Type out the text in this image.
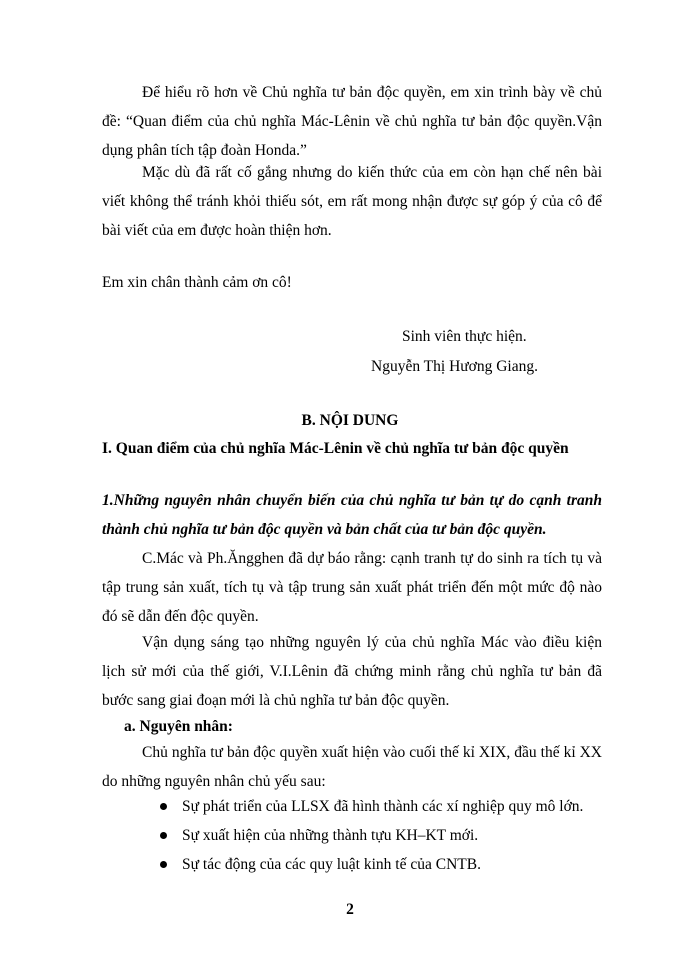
Để hiểu rõ hơn về Chủ nghĩa tư bản độc quyền, em xin trình bày về chủ đề: “Quan điểm của chủ nghĩa Mác-Lênin về chủ nghĩa tư bản độc quyền.Vận dụng phân tích tập đoàn Honda.”

Mặc dù đã rất cố gắng nhưng do kiến thức của em còn hạn chế nên bài viết không thể tránh khỏi thiếu sót, em rất mong nhận được sự góp ý của cô để bài viết của em được hoàn thiện hơn.

Em xin chân thành cảm ơn cô!

Sinh viên thực hiện.

Nguyễn Thị Hương Giang.

B. NỘI DUNG

I. Quan điểm của chủ nghĩa Mác-Lênin về chủ nghĩa tư bản độc quyền

1.Những nguyên nhân chuyển biến của chủ nghĩa tư bản tự do cạnh tranh thành chủ nghĩa tư bản độc quyền và bản chất của tư bản độc quyền.

C.Mác và Ph.Ăngghen đã dự báo rằng: cạnh tranh tự do sinh ra tích tụ và tập trung sản xuất, tích tụ và tập trung sản xuất phát triển đến một mức độ nào đó sẽ dẫn đến độc quyền.

Vận dụng sáng tạo những nguyên lý của chủ nghĩa Mác vào điều kiện lịch sử mới của thế giới, V.I.Lênin đã chứng minh rằng chủ nghĩa tư bản đã bước sang giai đoạn mới là chủ nghĩa tư bản độc quyền.

a. Nguyên nhân:

Chủ nghĩa tư bản độc quyền xuất hiện vào cuối thế kỉ XIX, đầu thế kỉ XX do những nguyên nhân chủ yếu sau:

Sự phát triển của LLSX đã hình thành các xí nghiệp quy mô lớn.
Sự xuất hiện của những thành tựu KH–KT mới.
Sự tác động của các quy luật kinh tế của CNTB.

2
